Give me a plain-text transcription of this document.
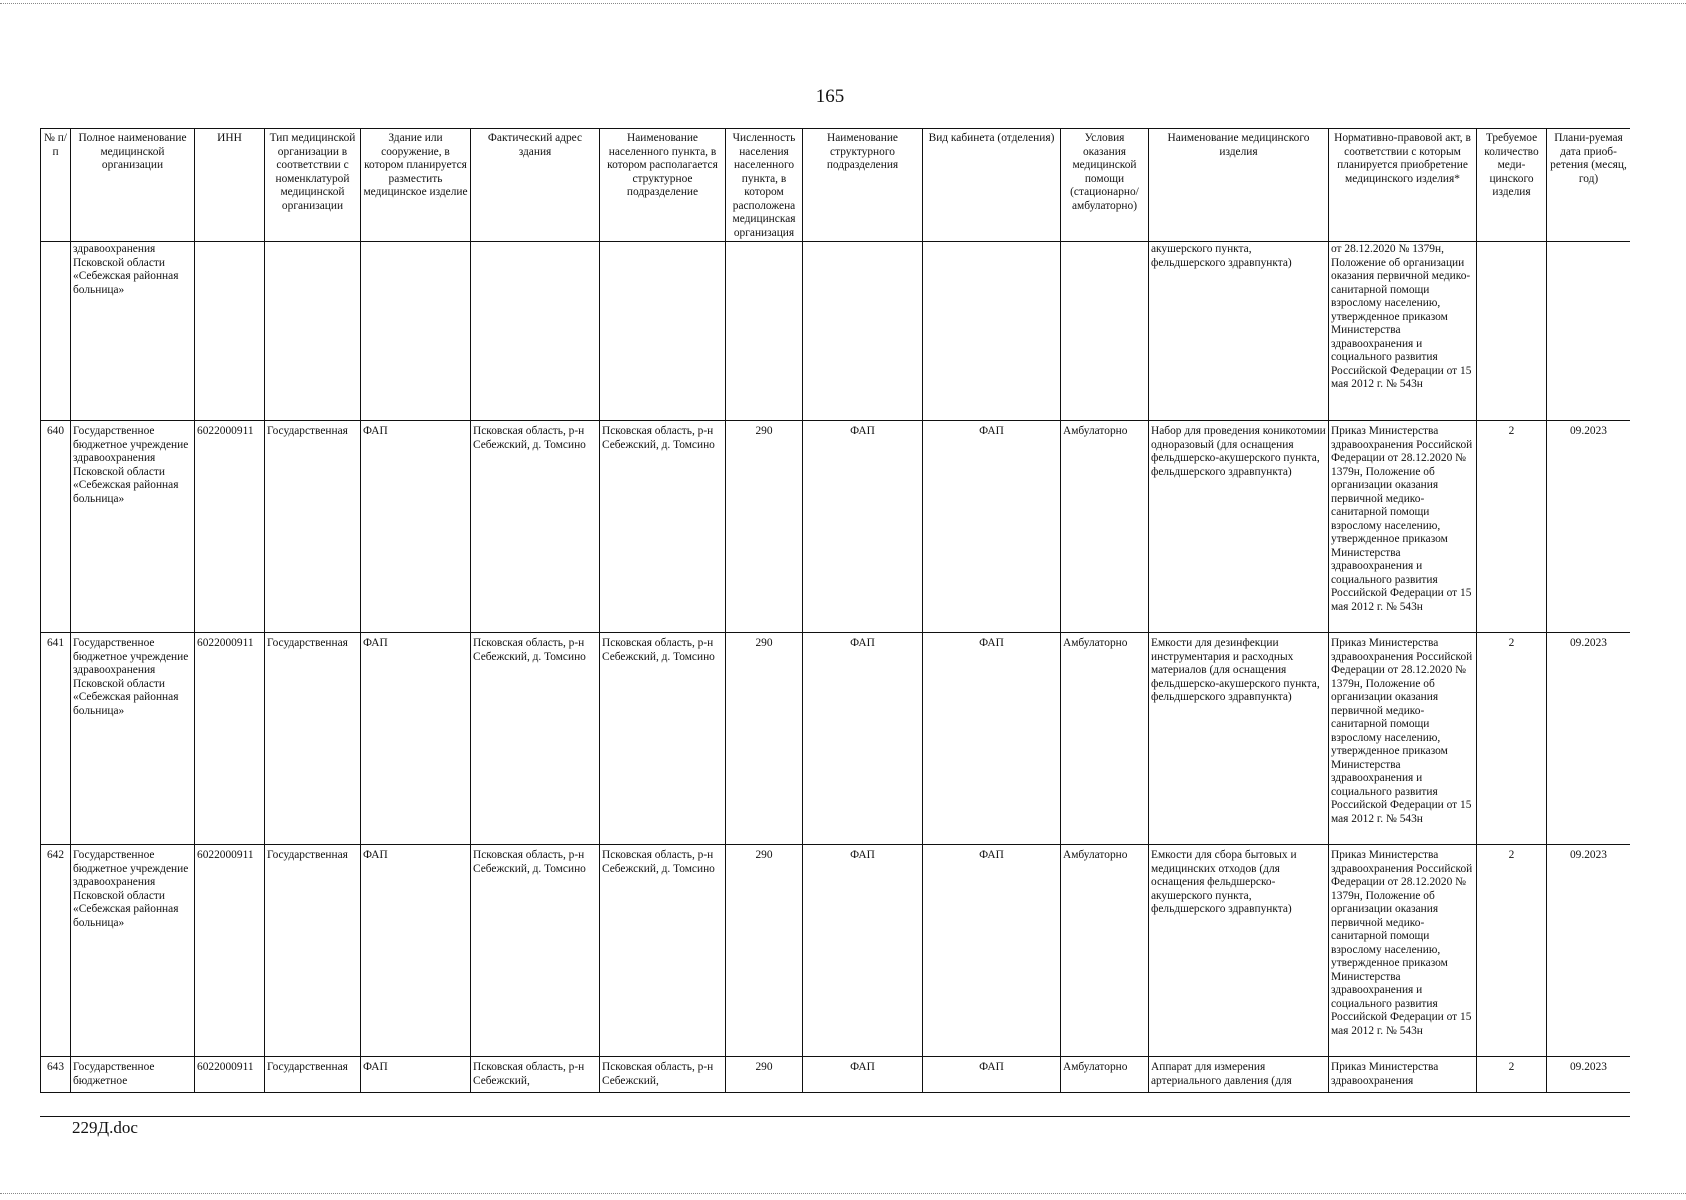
165
№ п/п	Полное наименование медицинской организации	ИНН	Тип медицинской организации в соответствии с номенклатурой медицинской организации	Здание или сооружение, в котором планируется разместить медицинское изделие	Фактический адрес здания	Наименование населенного пункта, в котором располагается структурное подразделение	Численность населения населенного пункта, в котором расположена медицинская организация	Наименование структурного подразделения	Вид кабинета (отделения)	Условия оказания медицинской помощи (стационарно/ амбулаторно)	Наименование медицинского изделия	Нормативно-правовой акт, в соответствии с которым планируется приобретение медицинского изделия*	Требуемое количество меди-цинского изделия	Плани-руемая дата приоб-ретения (месяц, год)
	здравоохранения Псковской области «Себежская районная больница»										акушерского пункта, фельдшерского здравпункта)	от 28.12.2020 № 1379н, Положение об организации оказания первичной медико-санитарной помощи взрослому населению, утвержденное приказом Министерства здравоохранения и социального развития Российской Федерации от 15 мая 2012 г. № 543н		
640	Государственное бюджетное учреждение здравоохранения Псковской области «Себежская районная больница»	6022000911	Государственная	ФАП	Псковская область, р-н Себежский, д. Томсино	Псковская область, р-н Себежский, д. Томсино	290	ФАП	ФАП	Амбулаторно	Набор для проведения коникотомии одноразовый (для оснащения фельдшерско-акушерского пункта, фельдшерского здравпункта)	Приказ Министерства здравоохранения Российской Федерации от 28.12.2020 № 1379н, Положение об организации оказания первичной медико-санитарной помощи взрослому населению, утвержденное приказом Министерства здравоохранения и социального развития Российской Федерации от 15 мая 2012 г. № 543н	2	09.2023
641	Государственное бюджетное учреждение здравоохранения Псковской области «Себежская районная больница»	6022000911	Государственная	ФАП	Псковская область, р-н Себежский, д. Томсино	Псковская область, р-н Себежский, д. Томсино	290	ФАП	ФАП	Амбулаторно	Емкости для дезинфекции инструментария и расходных материалов (для оснащения фельдшерско-акушерского пункта, фельдшерского здравпункта)	Приказ Министерства здравоохранения Российской Федерации от 28.12.2020 № 1379н, Положение об организации оказания первичной медико-санитарной помощи взрослому населению, утвержденное приказом Министерства здравоохранения и социального развития Российской Федерации от 15 мая 2012 г. № 543н	2	09.2023
642	Государственное бюджетное учреждение здравоохранения Псковской области «Себежская районная больница»	6022000911	Государственная	ФАП	Псковская область, р-н Себежский, д. Томсино	Псковская область, р-н Себежский, д. Томсино	290	ФАП	ФАП	Амбулаторно	Емкости для сбора бытовых и медицинских отходов (для оснащения фельдшерско-акушерского пункта, фельдшерского здравпункта)	Приказ Министерства здравоохранения Российской Федерации от 28.12.2020 № 1379н, Положение об организации оказания первичной медико-санитарной помощи взрослому населению, утвержденное приказом Министерства здравоохранения и социального развития Российской Федерации от 15 мая 2012 г. № 543н	2	09.2023
643	Государственное бюджетное	6022000911	Государственная	ФАП	Псковская область, р-н Себежский,	Псковская область, р-н Себежский,	290	ФАП	ФАП	Амбулаторно	Аппарат для измерения артериального давления (для	Приказ Министерства здравоохранения	2	09.2023
229Д.doc
